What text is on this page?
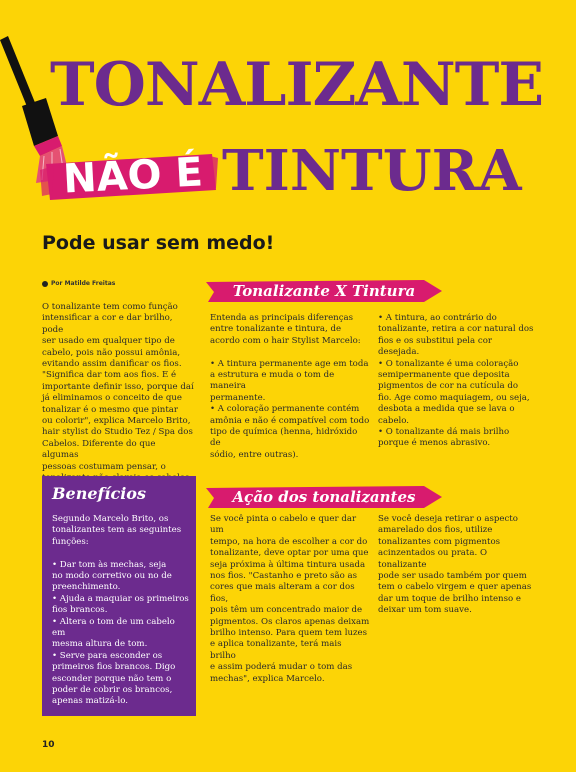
TONALIZANTE
NÃO É TINTURA
Pode usar sem medo!
Por Matilde Freitas

O tonalizante tem como função

intensificar a cor e dar brilho, pode

ser usado em qualquer tipo de

cabelo, pois não possui amônia,

evitando assim danificar os fios.

"Significa dar tom aos fios. E é

importante definir isso, porque daí

já eliminamos o conceito de que

tonalizar é o mesmo que pintar

ou colorir", explica Marcelo Brito,

hair stylist do Studio Tez / Spa dos

Cabelos. Diferente do que algumas

pessoas costumam pensar, o

Tonalizante X Tintura

Entenda as principais diferenças

entre tonalizante e tintura, de

acordo com o hair Stylist Marcelo:

• A tintura permanente age em toda

a estrutura e muda o tom de maneira

permanente.

• A coloração permanente contém

amônia e não é compatível com todo

tipo de química (henna, hidróxido de

sódio, entre outras).

• A tintura, ao contrário do

tonalizante, retira a cor natural dos

fios e os substitui pela cor desejada.

• O tonalizante é uma coloração

semipermanente que deposita

pigmentos de cor na cutícula do

fio. Age como maquiagem, ou seja,

desbota a medida que se lava o

cabelo.

• O tonalizante dá mais brilho

porque é menos abrasivo.

Benefícios

Segundo Marcelo Brito, os

tonalizantes tem as seguintes

funções:

• Dar tom às mechas, seja

no modo corretivo ou no de

preenchimento.

• Ajuda a maquiar os primeiros

fios brancos.

• Altera o tom de um cabelo em

mesma altura de tom.

• Serve para esconder os

primeiros fios brancos. Digo

esconder porque não tem o

poder de cobrir os brancos,

apenas matizá-lo.

Ação dos tonalizantes

Se você pinta o cabelo e quer dar um

tempo, na hora de escolher a cor do

tonalizante, deve optar por uma que

seja próxima à última tintura usada

nos fios. "Castanho e preto são as

cores que mais alteram a cor dos fios,

pois têm um concentrado maior de

pigmentos. Os claros apenas deixam

brilho intenso. Para quem tem luzes

e aplica tonalizante, terá mais brilho

e assim poderá mudar o tom das

mechas", explica Marcelo.

Se você deseja retirar o aspecto

amarelado dos fios, utilize

tonalizantes com pigmentos

acinzentados ou prata. O tonalizante

pode ser usado também por quem

tem o cabelo virgem e quer apenas

dar um toque de brilho intenso e

deixar um tom suave.

10
